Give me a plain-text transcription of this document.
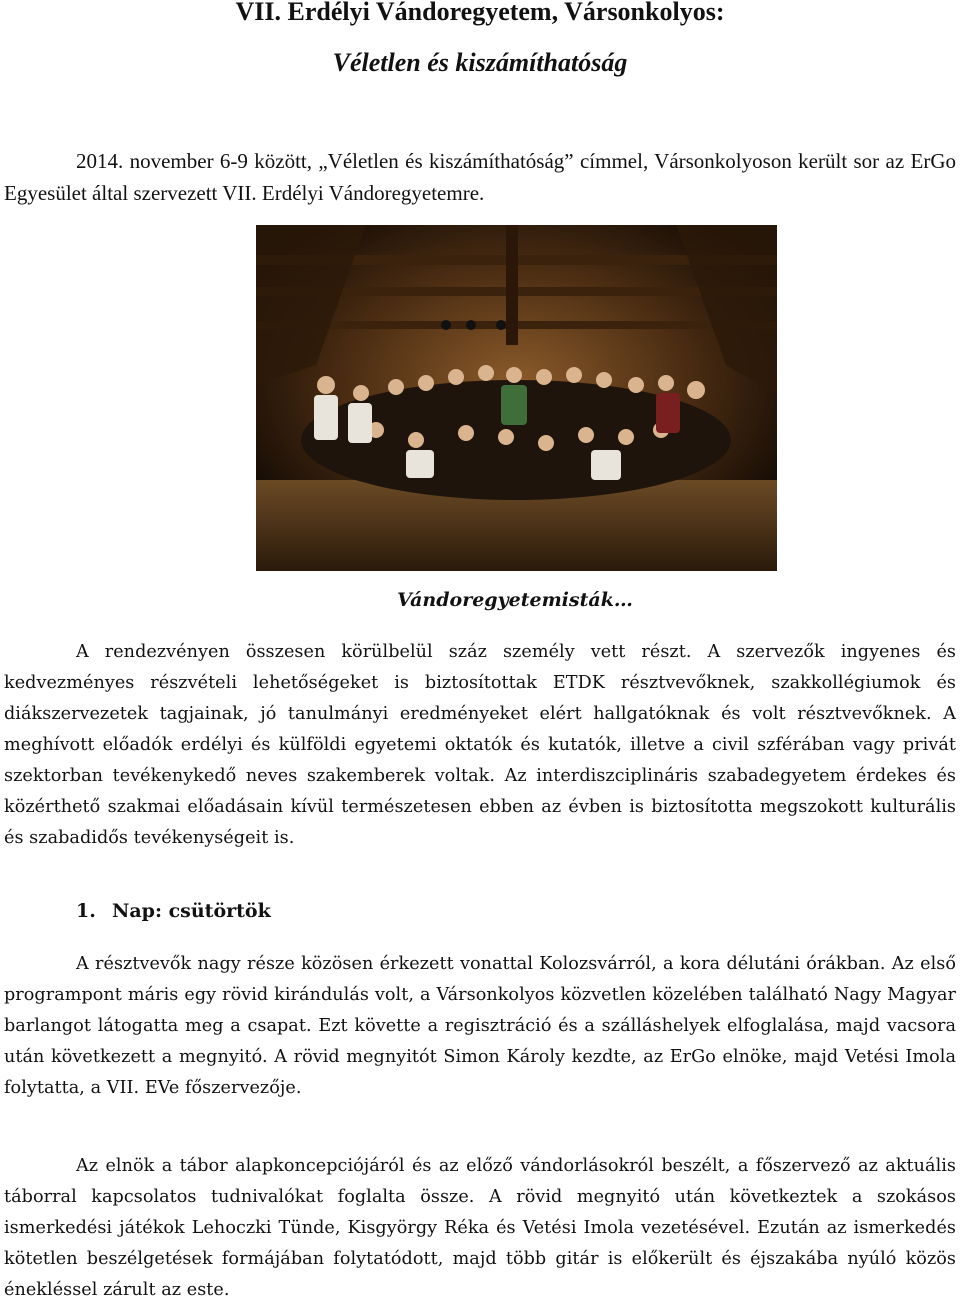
VII. Erdélyi Vándoregyetem, Vársonkolyos:
Véletlen és kiszámíthatóság

2014. november 6-9 között, „Véletlen és kiszámíthatóság” címmel, Vársonkolyoson került sor az ErGo Egyesület által szervezett VII. Erdélyi Vándoregyetemre.

Vándoregyetemisták…

A rendezvényen összesen körülbelül száz személy vett részt. A szervezők ingyenes és kedvezményes részvételi lehetőségeket is biztosítottak ETDK résztvevőknek, szakkollégiumok és diákszervezetek tagjainak, jó tanulmányi eredményeket elért hallgatóknak és volt résztvevőknek. A meghívott előadók erdélyi és külföldi egyetemi oktatók és kutatók, illetve a civil szférában vagy privát szektorban tevékenykedő neves szakemberek voltak. Az interdiszciplináris szabadegyetem érdekes és közérthető szakmai előadásain kívül természetesen ebben az évben is biztosította megszokott kulturális és szabadidős tevékenységeit is.

1. Nap: csütörtök

A résztvevők nagy része közösen érkezett vonattal Kolozsvárról, a kora délutáni órákban. Az első programpont máris egy rövid kirándulás volt, a Vársonkolyos közvetlen közelében található Nagy Magyar barlangot látogatta meg a csapat. Ezt követte a regisztráció és a szálláshelyek elfoglalása, majd vacsora után következett a megnyitó. A rövid megnyitót Simon Károly kezdte, az ErGo elnöke, majd Vetési Imola folytatta, a VII. EVe főszervezője.

Az elnök a tábor alapkoncepciójáról és az előző vándorlásokról beszélt, a főszervező az aktuális táborral kapcsolatos tudnivalókat foglalta össze. A rövid megnyitó után következtek a szokásos ismerkedési játékok Lehoczki Tünde, Kisgyörgy Réka és Vetési Imola vezetésével. Ezután az ismerkedés kötetlen beszélgetések formájában folytatódott, majd több gitár is előkerült és éjszakába nyúló közös énekléssel zárult az este.
